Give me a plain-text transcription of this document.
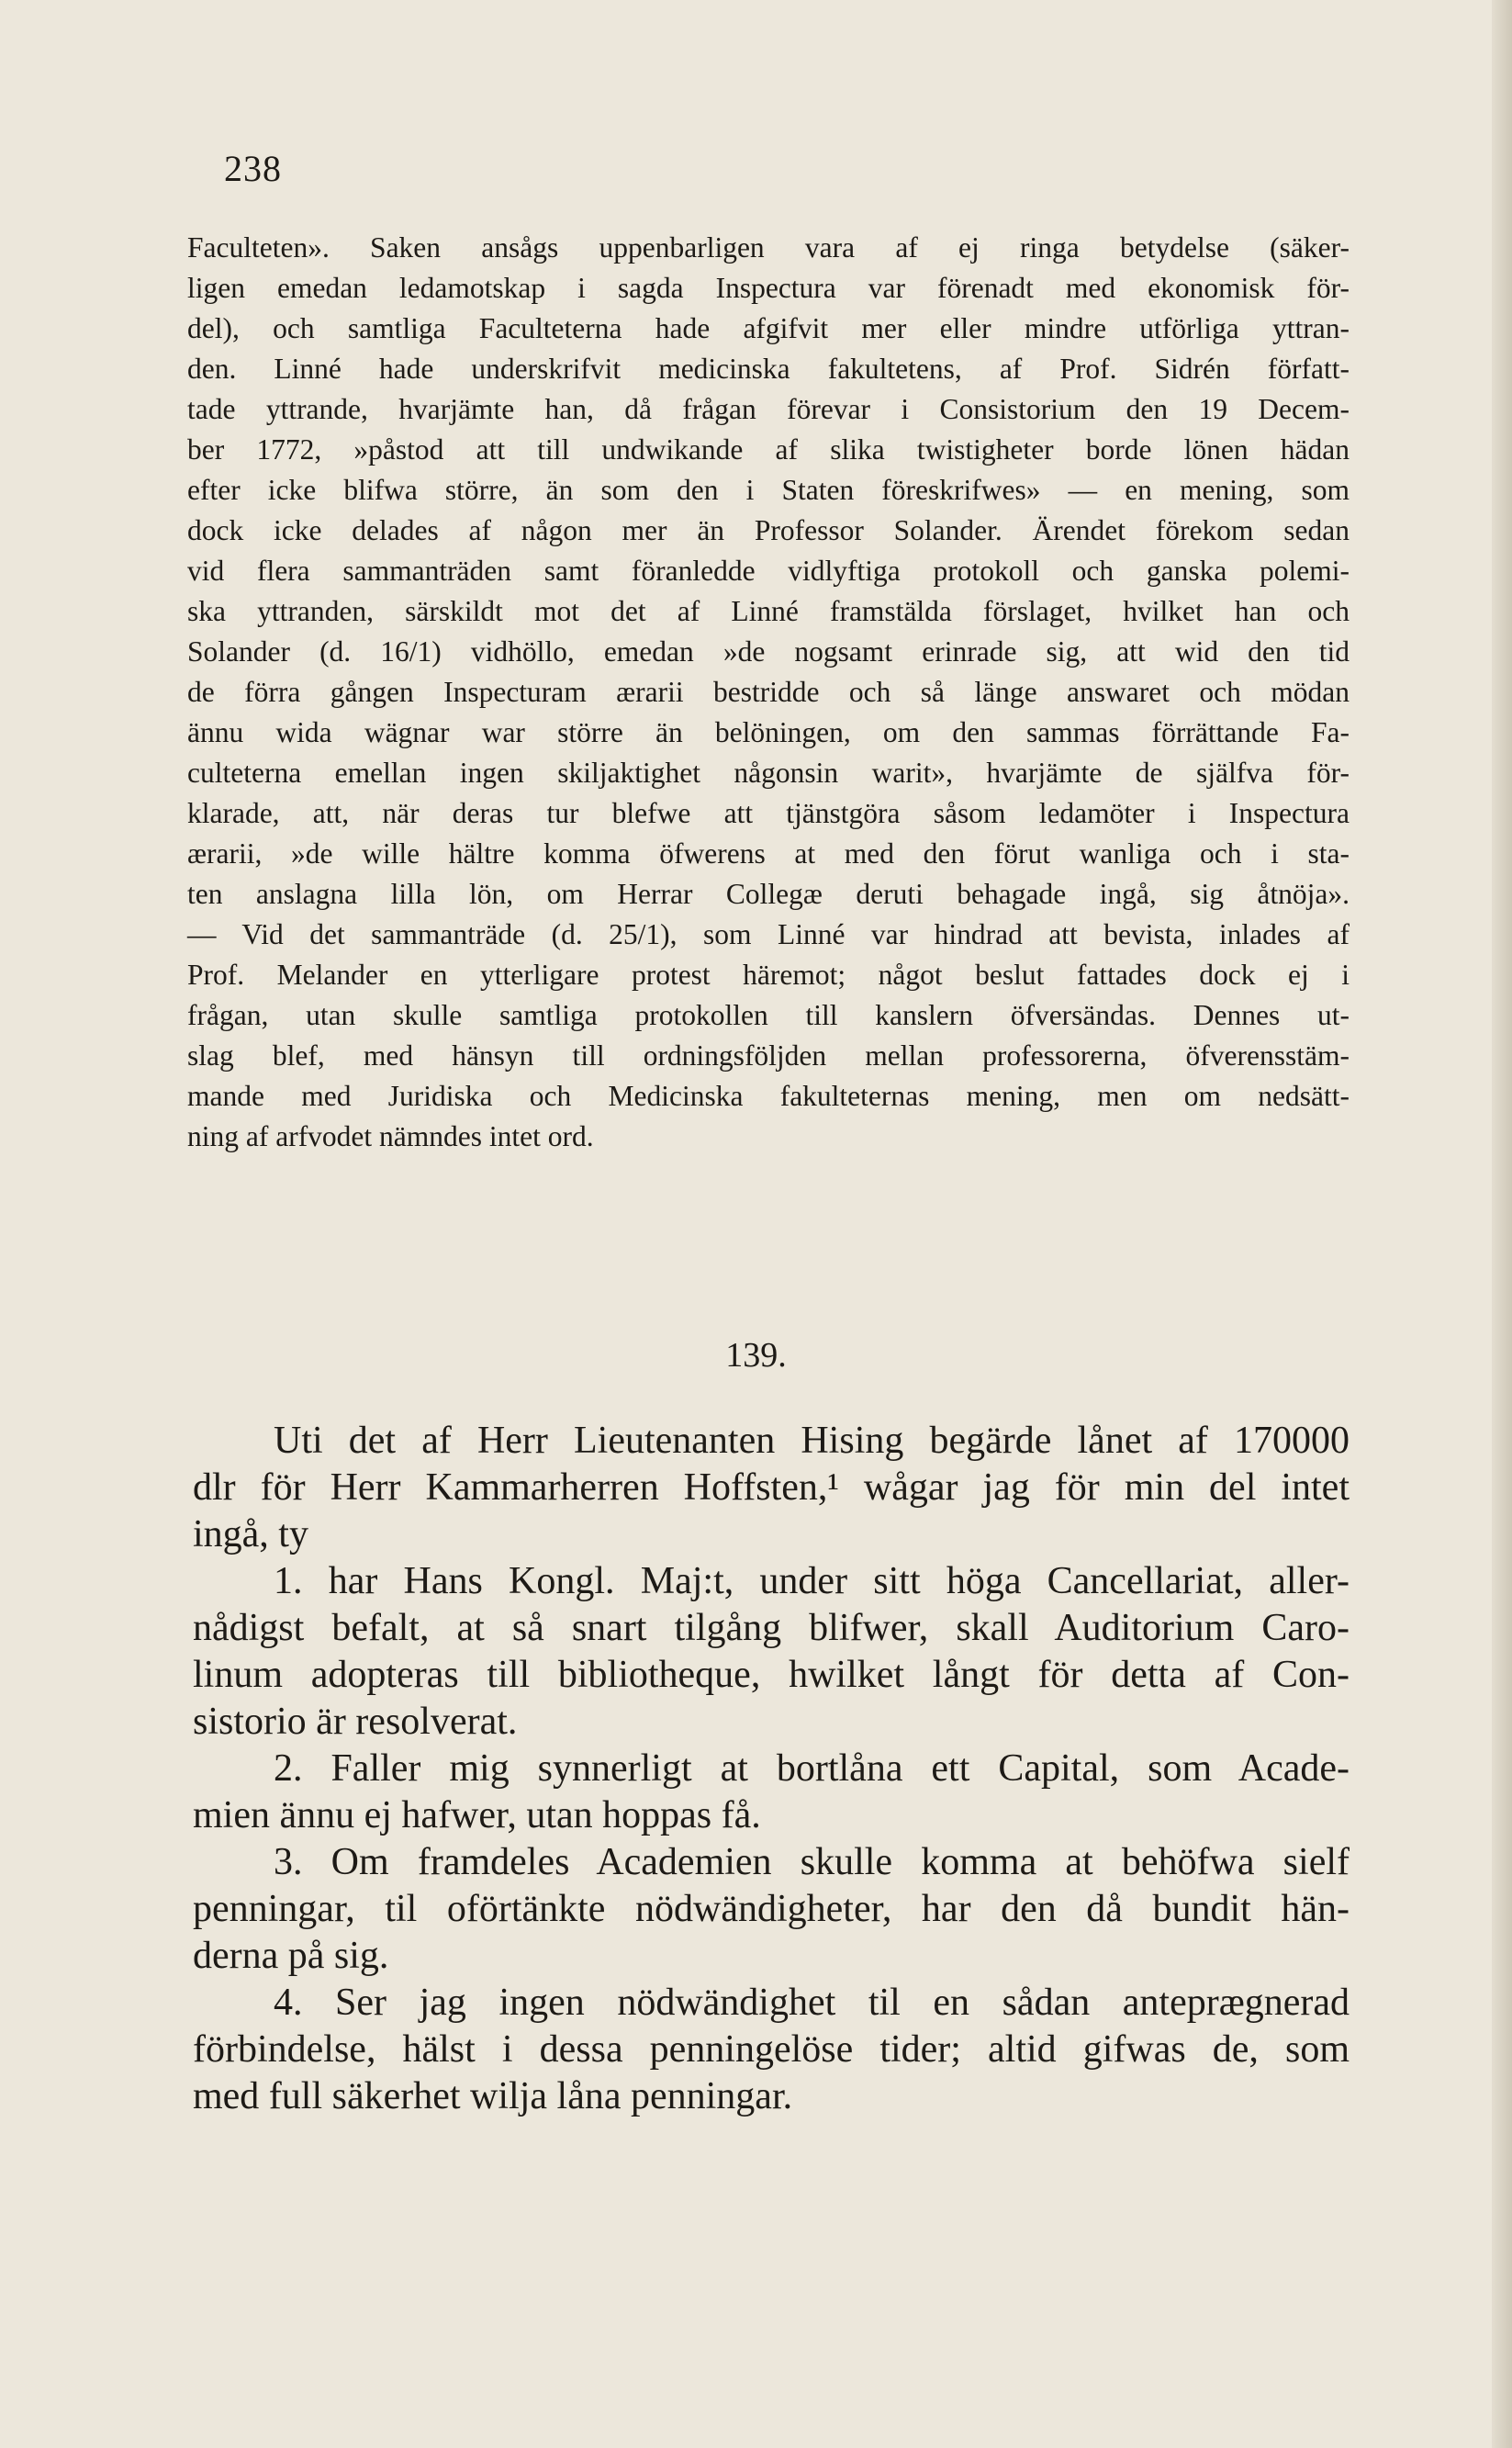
238
Faculteten». Saken ansågs uppenbarligen vara af ej ringa betydelse (säker-
ligen emedan ledamotskap i sagda Inspectura var förenadt med ekonomisk för-
del), och samtliga Faculteterna hade afgifvit mer eller mindre utförliga yttran-
den. Linné hade underskrifvit medicinska fakultetens, af Prof. Sidrén författ-
tade yttrande, hvarjämte han, då frågan förevar i Consistorium den 19 Decem-
ber 1772, »påstod att till undwikande af slika twistigheter borde lönen hädan
efter icke blifwa större, än som den i Staten föreskrifwes» — en mening, som
dock icke delades af någon mer än Professor Solander. Ärendet förekom sedan
vid flera sammanträden samt föranledde vidlyftiga protokoll och ganska polemi-
ska yttranden, särskildt mot det af Linné framstälda förslaget, hvilket han och
Solander (d. 16/1) vidhöllo, emedan »de nogsamt erinrade sig, att wid den tid
de förra gången Inspecturam ærarii bestridde och så länge answaret och mödan
ännu wida wägnar war större än belöningen, om den sammas förrättande Fa-
culteterna emellan ingen skiljaktighet någonsin warit», hvarjämte de själfva för-
klarade, att, när deras tur blefwe att tjänstgöra såsom ledamöter i Inspectura
ærarii, »de wille hältre komma öfwerens at med den förut wanliga och i sta-
ten anslagna lilla lön, om Herrar Collegæ deruti behagade ingå, sig åtnöja».
— Vid det sammanträde (d. 25/1), som Linné var hindrad att bevista, inlades af
Prof. Melander en ytterligare protest häremot; något beslut fattades dock ej i
frågan, utan skulle samtliga protokollen till kanslern öfversändas. Dennes ut-
slag blef, med hänsyn till ordningsföljden mellan professorerna, öfverensstäm-
mande med Juridiska och Medicinska fakulteternas mening, men om nedsätt-
ning af arfvodet nämndes intet ord.
139.
Uti det af Herr Lieutenanten Hising begärde lånet af 170000
dlr för Herr Kammarherren Hoffsten,¹ wågar jag för min del intet
ingå, ty
1. har Hans Kongl. Maj:t, under sitt höga Cancellariat, aller-
nådigst befalt, at så snart tilgång blifwer, skall Auditorium Caro-
linum adopteras till bibliotheque, hwilket långt för detta af Con-
sistorio är resolverat.
2. Faller mig synnerligt at bortlåna ett Capital, som Acade-
mien ännu ej hafwer, utan hoppas få.
3. Om framdeles Academien skulle komma at behöfwa sielf
penningar, til oförtänkte nödwändigheter, har den då bundit hän-
derna på sig.
4. Ser jag ingen nödwändighet til en sådan anteprægnerad
förbindelse, hälst i dessa penningelöse tider; altid gifwas de, som
med full säkerhet wilja låna penningar.
